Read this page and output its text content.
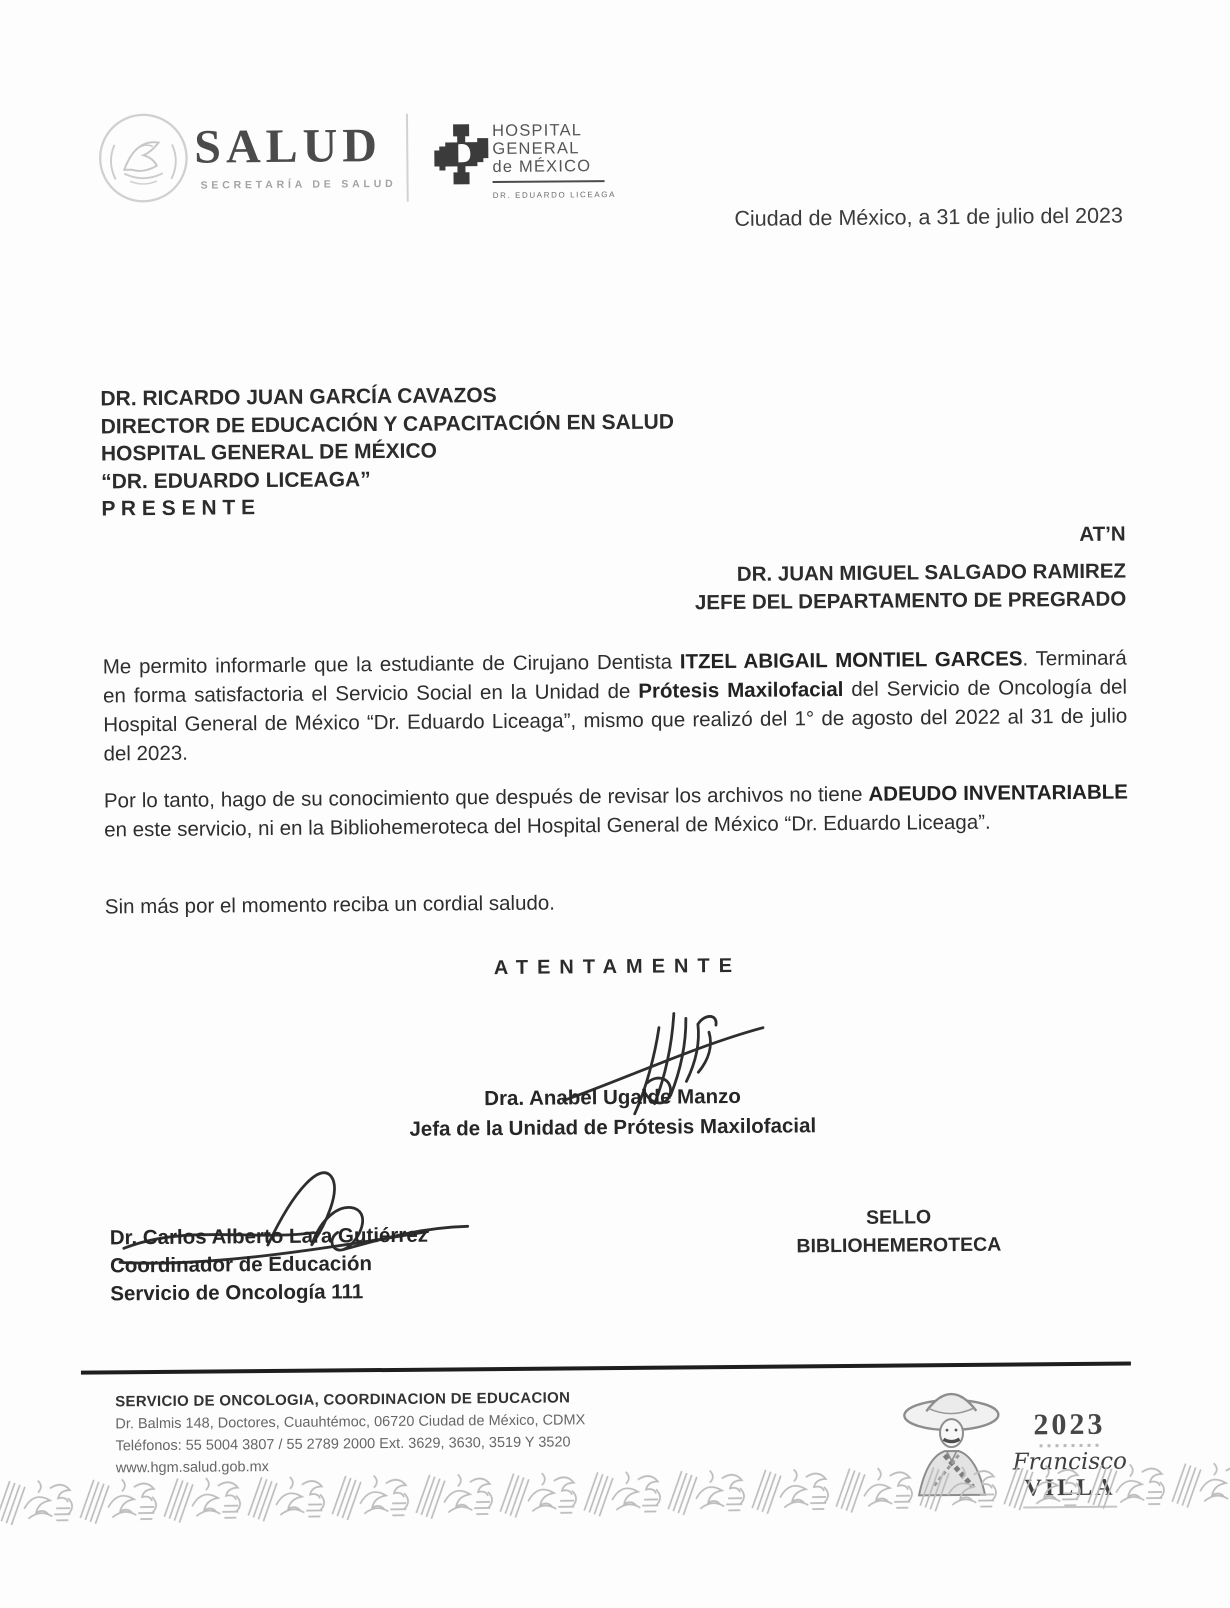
SALUD
SECRETARÍA DE SALUD
HOSPITAL
GENERAL
de MÉXICO
DR. EDUARDO LICEAGA
Ciudad de México, a 31 de julio del 2023
DR. RICARDO JUAN GARCÍA CAVAZOS
DIRECTOR DE EDUCACIÓN Y CAPACITACIÓN EN SALUD
HOSPITAL GENERAL DE MÉXICO
“DR. EDUARDO LICEAGA”
P R E S E N T E
AT’N
DR. JUAN MIGUEL SALGADO RAMIREZ
JEFE DEL DEPARTAMENTO DE PREGRADO
Me permito informarle que la estudiante de Cirujano Dentista ITZEL ABIGAIL MONTIEL GARCES. Terminará en forma satisfactoria el Servicio Social en la Unidad de Prótesis Maxilofacial del Servicio de Oncología del Hospital General de México “Dr. Eduardo Liceaga”, mismo que realizó del 1° de agosto del 2022 al 31 de julio del 2023.
Por lo tanto, hago de su conocimiento que después de revisar los archivos no tiene ADEUDO INVENTARIABLE en este servicio, ni en la Bibliohemeroteca del Hospital General de México “Dr. Eduardo Liceaga”.
Sin más por el momento reciba un cordial saludo.
ATENTAMENTE
Dra. Anabel Ugalde Manzo
Jefa de la Unidad de Prótesis Maxilofacial
Dr. Carlos Alberto Lara Gutiérrez
Coordinador de Educación
Servicio de Oncología 111
SELLO
BIBLIOHEMEROTECA
SERVICIO DE ONCOLOGIA, COORDINACION DE EDUCACION
Dr. Balmis 148, Doctores, Cuauhtémoc, 06720 Ciudad de México, CDMX
Teléfonos: 55 5004 3807 / 55 2789 2000 Ext. 3629, 3630, 3519 Y 3520
www.hgm.salud.gob.mx
2023
